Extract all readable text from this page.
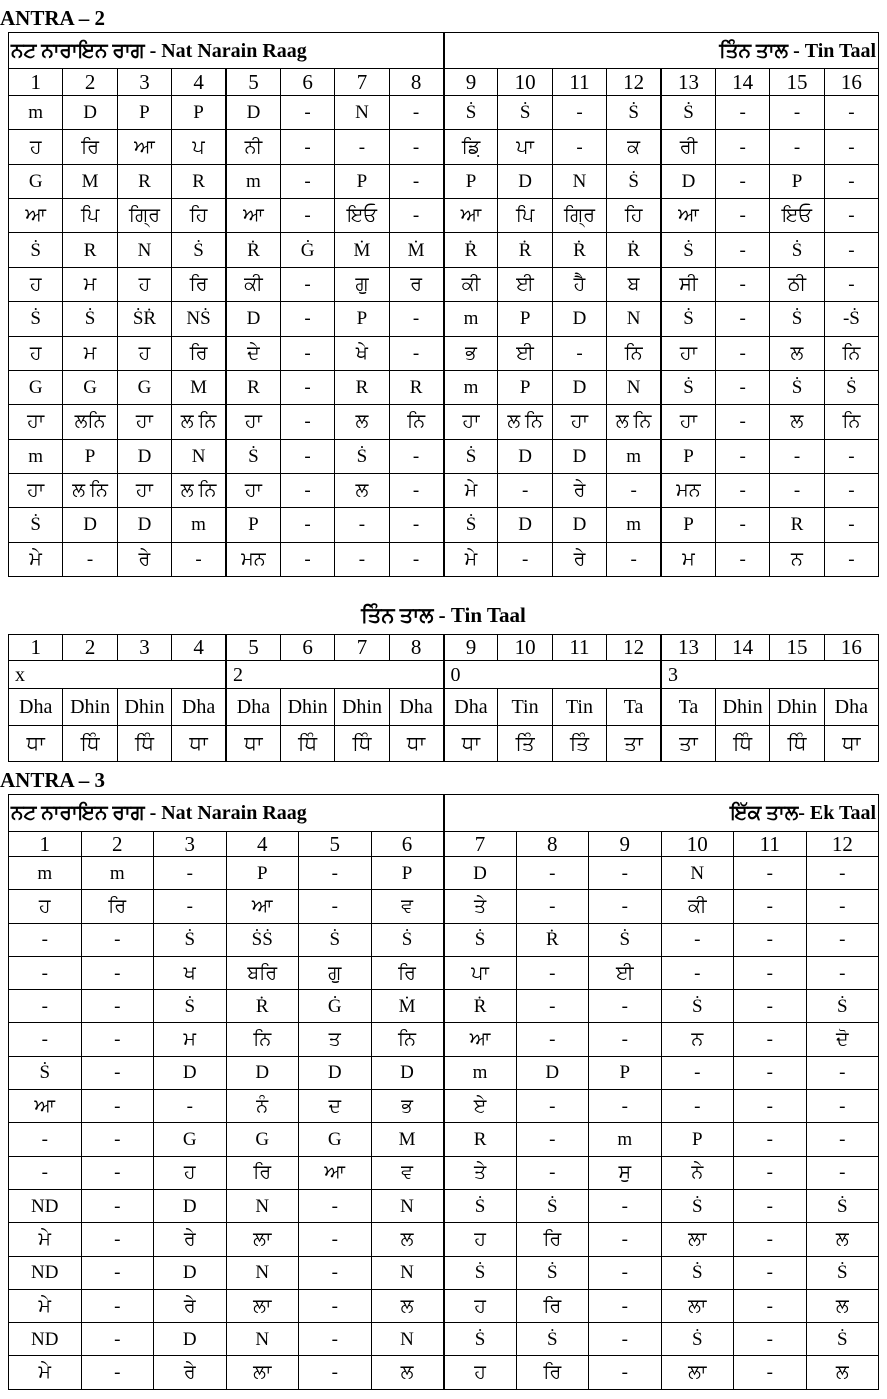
ANTRA – 2
ਨਟ ਨਾਰਾਇਨ ਰਾਗ - Nat Narain Raag								ਤਿੰਨ ਤਾਲ - Tin Taal							
1	2	3	4	5	6	7	8	9	10	11	12	13	14	15	16
m	D	P	P	D	-	N	-	Ṡ	Ṡ	-	Ṡ	Ṡ	-	-	-
ਹ	ਰਿ	ਆ	ਪ	ਨੀ	-	-	-	ਡ਼ਿ	ਪਾ	-	ਕ	ਰੀ	-	-	-
G	M	R	R	m	-	P	-	P	D	N	Ṡ	D	-	P	-
ਆ	ਪਿ	ਗ੍ਰਿ	ਹਿ	ਆ	-	ਇਓ	-	ਆ	ਪਿ	ਗ੍ਰਿ	ਹਿ	ਆ	-	ਇਓ	-
Ṡ	R	N	Ṡ	Ṙ	Ġ	Ṁ	Ṁ	Ṙ	Ṙ	Ṙ	Ṙ	Ṡ	-	Ṡ	-
ਹ	ਮ	ਹ	ਰਿ	ਕੀ	-	ਗੁ	ਰ	ਕੀ	ਈ	ਹੈ	ਬ	ਸੀ	-	ਠੀ	-
Ṡ	Ṡ	ṠṘ	NṠ	D	-	P	-	m	P	D	N	Ṡ	-	Ṡ	-Ṡ
ਹ	ਮ	ਹ	ਰਿ	ਦੇ	-	ਖੇ	-	ਭ	ਈ	-	ਨਿ	ਹਾ	-	ਲ	ਨਿ
G	G	G	M	R	-	R	R	m	P	D	N	Ṡ	-	Ṡ	Ṡ
ਹਾ	ਲਨਿ	ਹਾ	ਲ ਨਿ	ਹਾ	-	ਲ	ਨਿ	ਹਾ	ਲ ਨਿ	ਹਾ	ਲ ਨਿ	ਹਾ	-	ਲ	ਨਿ
m	P	D	N	Ṡ	-	Ṡ	-	Ṡ	D	D	m	P	-	-	-
ਹਾ	ਲ ਨਿ	ਹਾ	ਲ ਨਿ	ਹਾ	-	ਲ	-	ਮੇ	-	ਰੇ	-	ਮਨ	-	-	-
Ṡ	D	D	m	P	-	-	-	Ṡ	D	D	m	P	-	R	-
ਮੇ	-	ਰੇ	-	ਮਨ	-	-	-	ਮੇ	-	ਰੇ	-	ਮ	-	ਨ	-
ਤਿੰਨ ਤਾਲ - Tin Taal
1	2	3	4	5	6	7	8	9	10	11	12	13	14	15	16
x				2				0				3			
Dha	Dhin	Dhin	Dha	Dha	Dhin	Dhin	Dha	Dha	Tin	Tin	Ta	Ta	Dhin	Dhin	Dha
ਧਾ	ਧਿੰ	ਧਿੰ	ਧਾ	ਧਾ	ਧਿੰ	ਧਿੰ	ਧਾ	ਧਾ	ਤਿੰ	ਤਿੰ	ਤਾ	ਤਾ	ਧਿੰ	ਧਿੰ	ਧਾ
ANTRA – 3
ਨਟ ਨਾਰਾਇਨ ਰਾਗ - Nat Narain Raag						ਇੱਕ ਤਾਲ- Ek Taal					
1	2	3	4	5	6	7	8	9	10	11	12
m	m	-	P	-	P	D	-	-	N	-	-
ਹ	ਰਿ	-	ਆ	-	ਵ	ਤੇ	-	-	ਕੀ	-	-
-	-	Ṡ	ṠṠ	Ṡ	Ṡ	Ṡ	Ṙ	Ṡ	-	-	-
-	-	ਖ	ਬਰਿ	ਗੁ	ਰਿ	ਪਾ	-	ਈ	-	-	-
-	-	Ṡ	Ṙ	Ġ	Ṁ	Ṙ	-	-	Ṡ	-	Ṡ
-	-	ਮ	ਨਿ	ਤ	ਨਿ	ਆ	-	-	ਨ	-	ਦੋ
Ṡ	-	D	D	D	D	m	D	P	-	-	-
ਆ	-	-	ਨੰ	ਦ	ਭ	ਏ	-	-	-	-	-
-	-	G	G	G	M	R	-	m	P	-	-
-	-	ਹ	ਰਿ	ਆ	ਵ	ਤੇ	-	ਸੁ	ਨੇ	-	-
ND	-	D	N	-	N	Ṡ	Ṡ	-	Ṡ	-	Ṡ
ਮੇ	-	ਰੇ	ਲਾ	-	ਲ	ਹ	ਰਿ	-	ਲਾ	-	ਲ
ND	-	D	N	-	N	Ṡ	Ṡ	-	Ṡ	-	Ṡ
ਮੇ	-	ਰੇ	ਲਾ	-	ਲ	ਹ	ਰਿ	-	ਲਾ	-	ਲ
ND	-	D	N	-	N	Ṡ	Ṡ	-	Ṡ	-	Ṡ
ਮੇ	-	ਰੇ	ਲਾ	-	ਲ	ਹ	ਰਿ	-	ਲਾ	-	ਲ
